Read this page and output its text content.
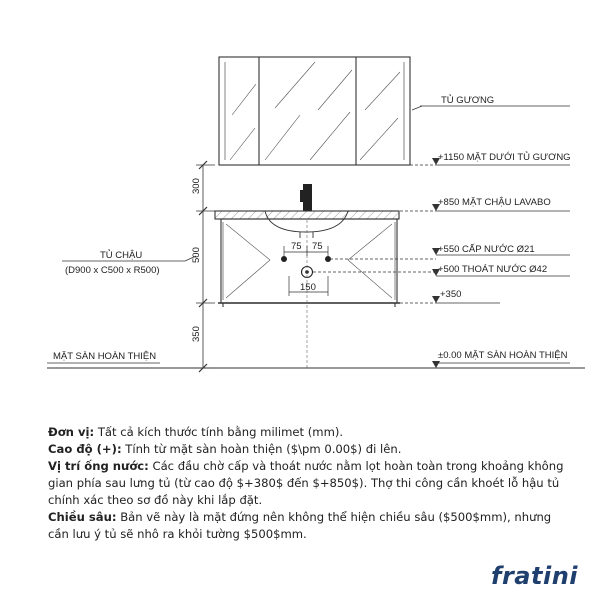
75 75
150
300
500
350
TỦ CHẬU
(D900 x C500 x R500)
MẶT SÀN HOÀN THIỆN
TỦ GƯƠNG
+1150 MẶT DƯỚI TỦ GƯƠNG
+850 MẶT CHẬU LAVABO
+550 CẤP NƯỚC Ø21
+500 THOÁT NƯỚC Ø42
+350
±0.00 MẶT SÀN HOÀN THIỆN

Đơn vị: Tất cả kích thước tính bằng milimet (mm).

Cao độ (+): Tính từ mặt sàn hoàn thiện ($\pm 0.00$) đi lên.

Vị trí ống nước: Các đầu chờ cấp và thoát nước nằm lọt hoàn toàn trong khoảng không gian phía sau lưng tủ (từ cao độ $+380$ đến $+850$). Thợ thi công cần khoét lỗ hậu tủ chính xác theo sơ đồ này khi lắp đặt.

Chiều sâu: Bản vẽ này là mặt đứng nên không thể hiện chiều sâu ($500$mm), nhưng cần lưu ý tủ sẽ nhô ra khỏi tường $500$mm.

fratini
